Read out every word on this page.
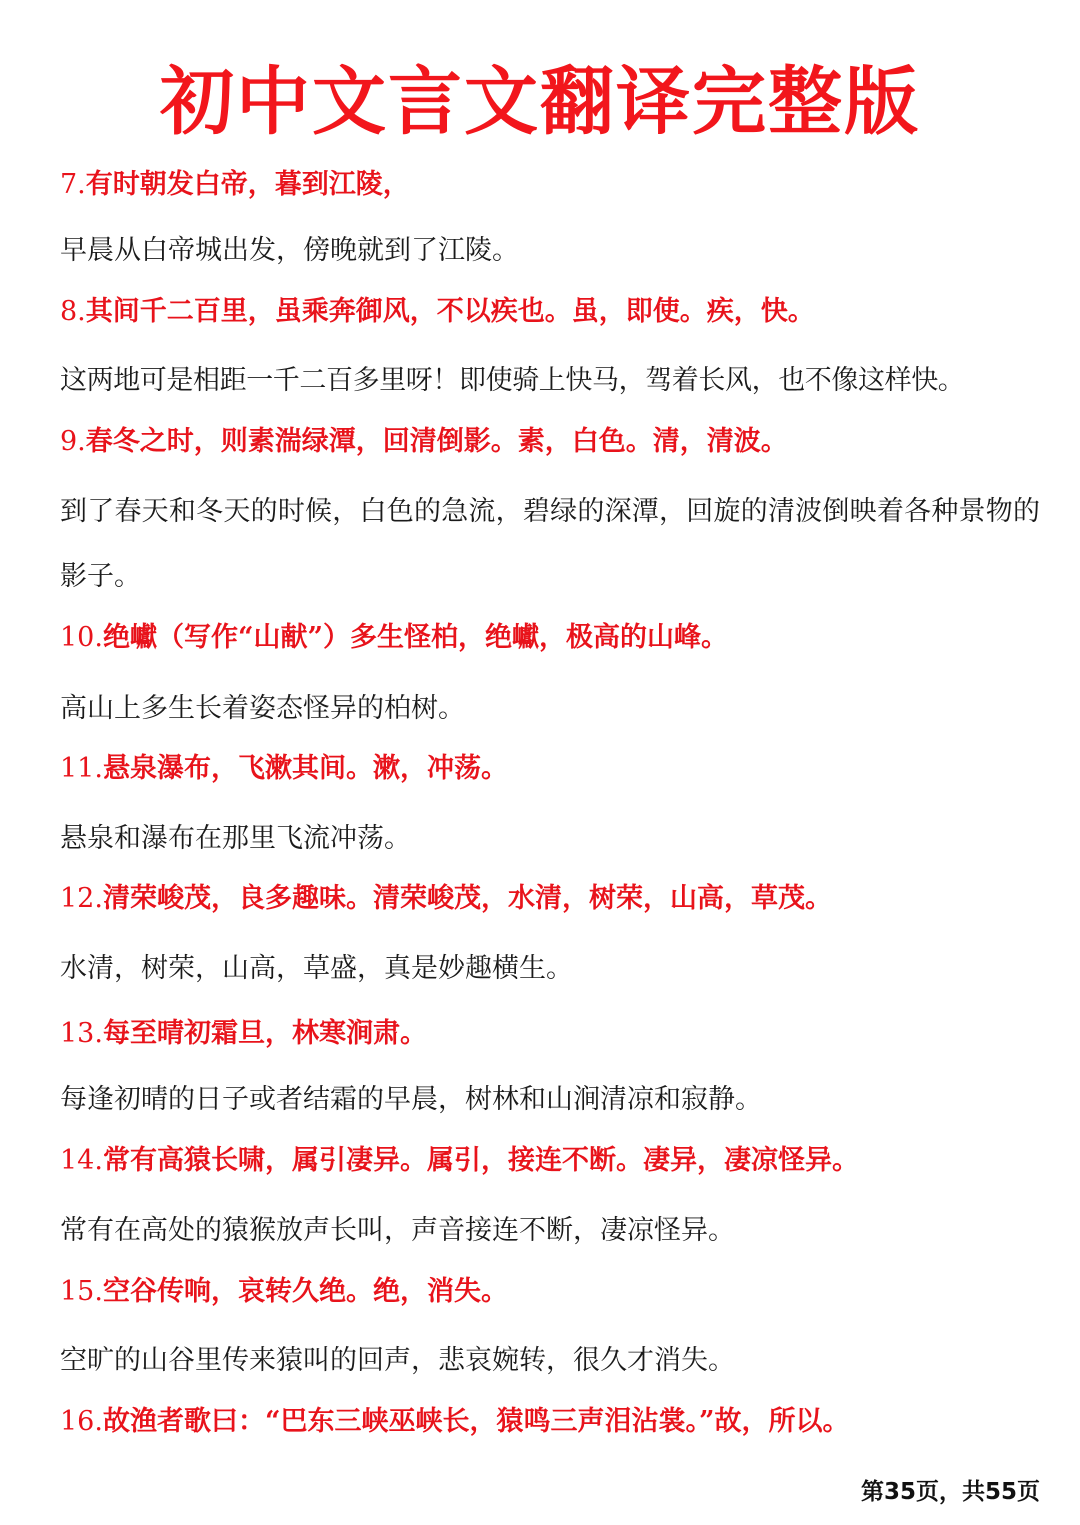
初中文言文翻译完整版
7.有时朝发白帝，暮到江陵，
早晨从白帝城出发，傍晚就到了江陵。
8.其间千二百里，虽乘奔御风，不以疾也。虽，即使。疾，快。
这两地可是相距一千二百多里呀！即使骑上快马，驾着长风，也不像这样快。
9.春冬之时，则素湍绿潭，回清倒影。素，白色。清，清波。
到了春天和冬天的时候，白色的急流，碧绿的深潭，回旋的清波倒映着各种景物的影子。
10.绝巘（写作“山献”）多生怪柏，绝巘，极高的山峰。
高山上多生长着姿态怪异的柏树。
11.悬泉瀑布，飞漱其间。漱，冲荡。
悬泉和瀑布在那里飞流冲荡。
12.清荣峻茂，良多趣味。清荣峻茂，水清，树荣，山高，草茂。
水清，树荣，山高，草盛，真是妙趣横生。
13.每至晴初霜旦，林寒涧肃。
每逢初晴的日子或者结霜的早晨，树林和山涧清凉和寂静。
14.常有高猿长啸，属引凄异。属引，接连不断。凄异，凄凉怪异。
常有在高处的猿猴放声长叫，声音接连不断，凄凉怪异。
15.空谷传响，哀转久绝。绝，消失。
空旷的山谷里传来猿叫的回声，悲哀婉转，很久才消失。
16.故渔者歌曰：“巴东三峡巫峡长，猿鸣三声泪沾裳。”故，所以。
第35页，共55页
